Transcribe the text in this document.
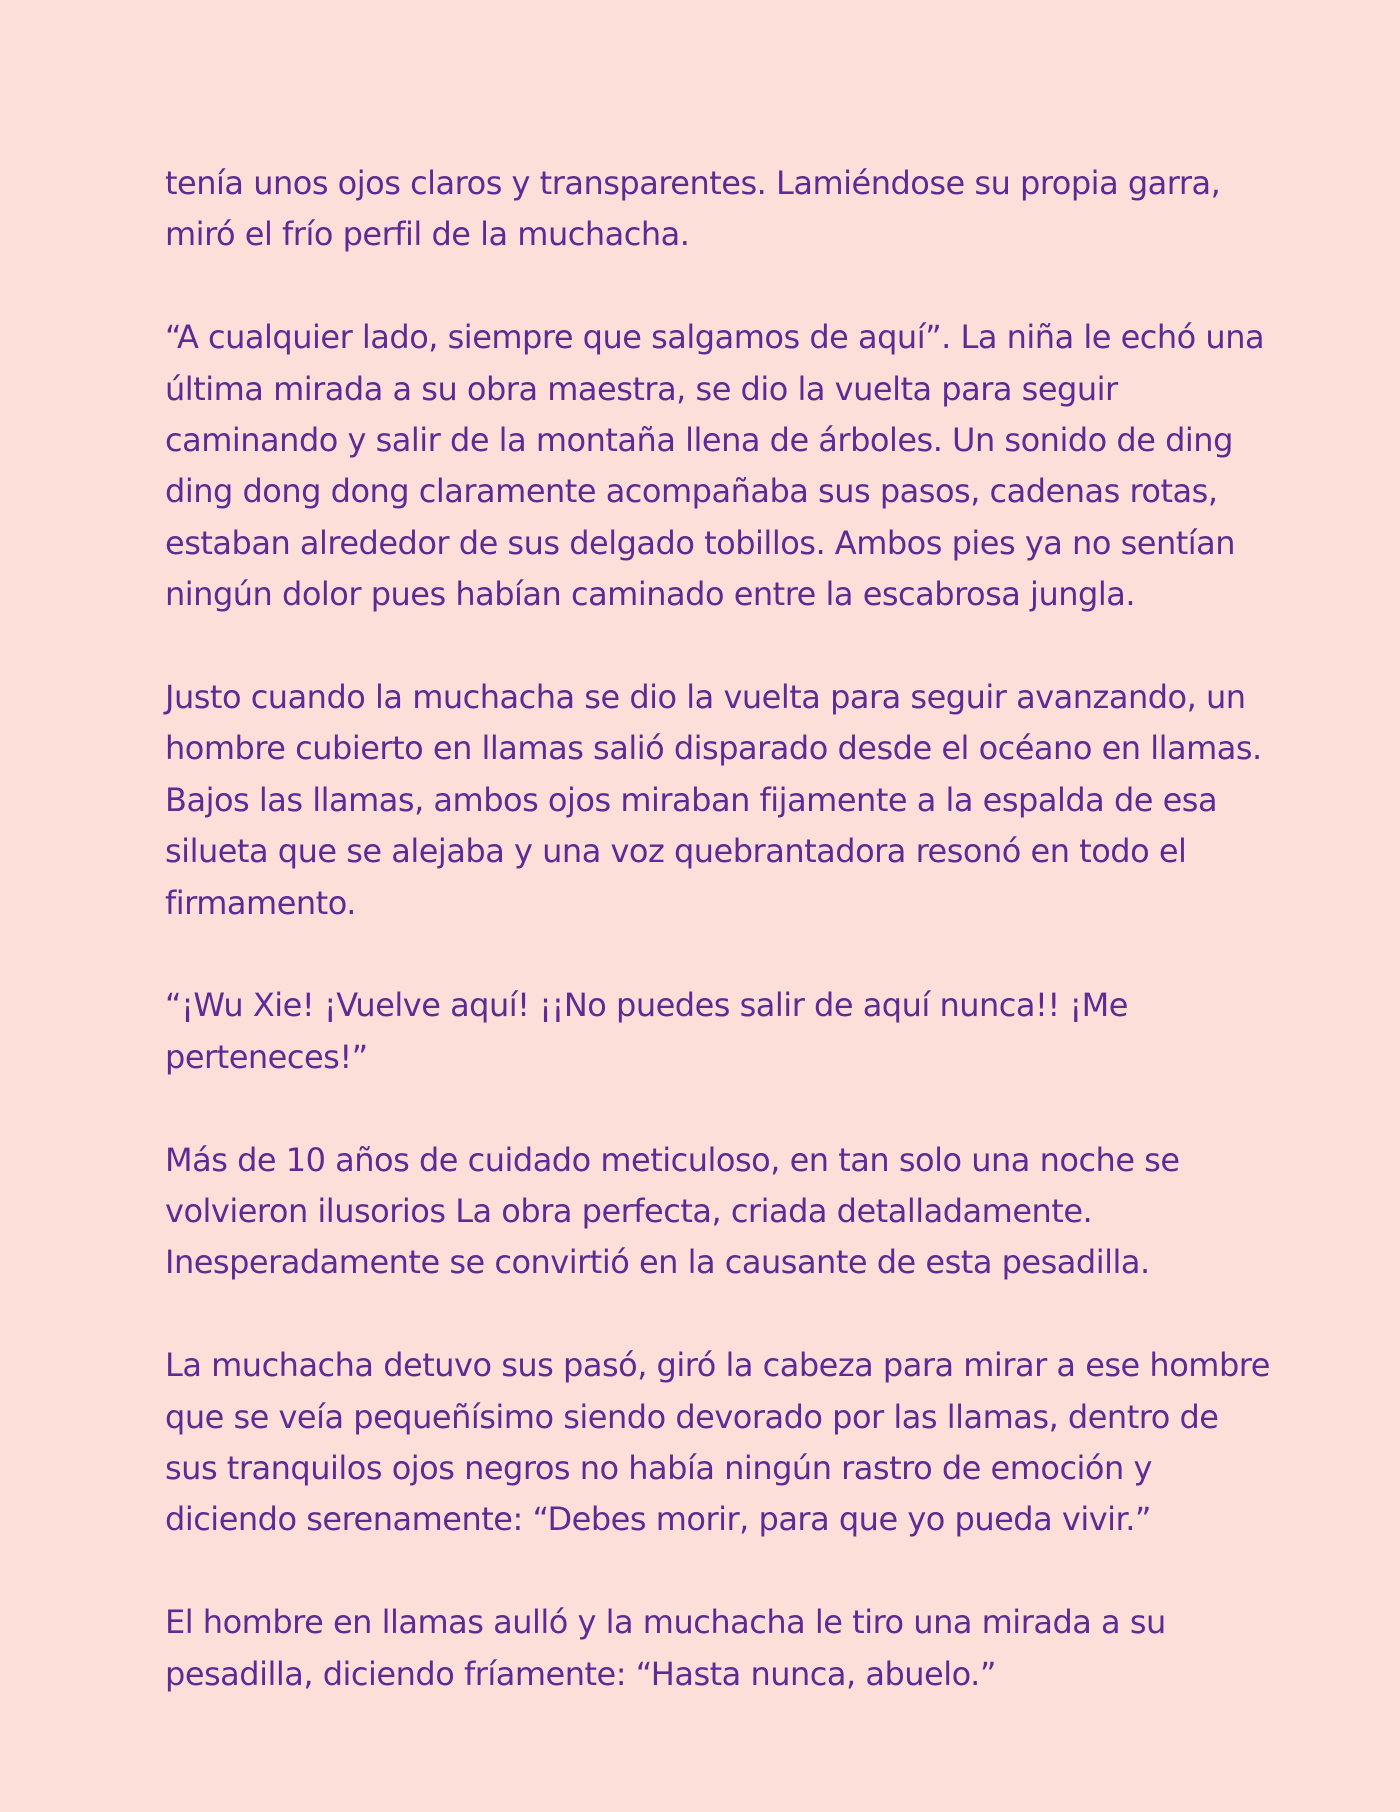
tenía unos ojos claros y transparentes. Lamiéndose su propia garra, miró el frío perfil de la muchacha.

“A cualquier lado, siempre que salgamos de aquí”. La niña le echó una última mirada a su obra maestra, se dio la vuelta para seguir caminando y salir de la montaña llena de árboles. Un sonido de ding ding dong dong claramente acompañaba sus pasos, cadenas rotas, estaban alrededor de sus delgado tobillos. Ambos pies ya no sentían ningún dolor pues habían caminado entre la escabrosa jungla.

Justo cuando la muchacha se dio la vuelta para seguir avanzando, un hombre cubierto en llamas salió disparado desde el océano en llamas. Bajos las llamas, ambos ojos miraban fijamente a la espalda de esa silueta que se alejaba y una voz quebrantadora resonó en todo el firmamento.

“¡Wu Xie! ¡Vuelve aquí! ¡¡No puedes salir de aquí nunca!! ¡Me perteneces!”

Más de 10 años de cuidado meticuloso, en tan solo una noche se volvieron ilusorios La obra perfecta, criada detalladamente. Inesperadamente se convirtió en la causante de esta pesadilla.

La muchacha detuvo sus pasó, giró la cabeza para mirar a ese hombre que se veía pequeñísimo siendo devorado por las llamas, dentro de sus tranquilos ojos negros no había ningún rastro de emoción y diciendo serenamente: “Debes morir, para que yo pueda vivir.”

El hombre en llamas aulló y la muchacha le tiro una mirada a su pesadilla, diciendo fríamente: “Hasta nunca, abuelo.”
